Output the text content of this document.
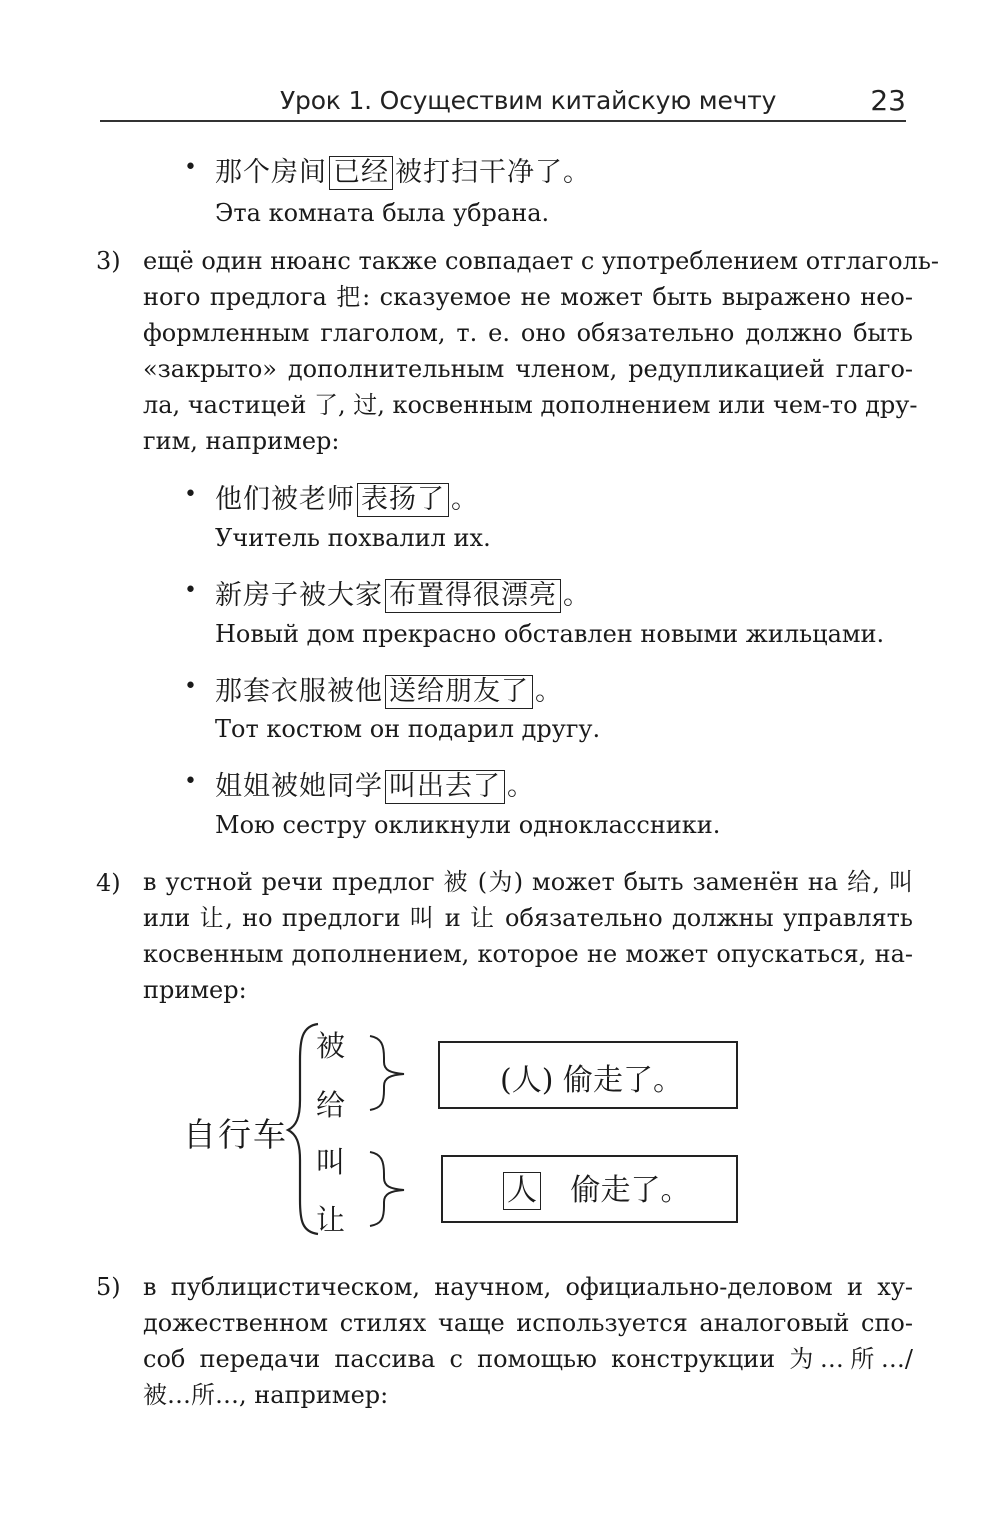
Урок 1. Осуществим китайскую мечту	23
• 那个房间 已经 被打扫干净了。
Эта комната была убрана.
3) ещё один нюанс также совпадает с употреблением отглаголь-
ного предлога 把: сказуемое не может быть выражено нео-
формленным глаголом, т. е. оно обязательно должно быть
«закрыто» дополнительным членом, редупликацией глаго-
ла, частицей 了, 过, косвенным дополнением или чем-то дру-
гим, например:
• 他们被老师 表扬了 。
Учитель похвалил их.
• 新房子被大家 布置得很漂亮 。
Новый дом прекрасно обставлен новыми жильцами.
• 那套衣服被他 送给朋友了 。
Тот костюм он подарил другу.
• 姐姐被她同学 叫出去了 。
Мою сестру окликнули одноклассники.
4) в устной речи предлог 被 (为) может быть заменён на 给, 叫
или 让, но предлоги 叫 и 让 обязательно должны управлять
косвенным дополнением, которое не может опускаться, на-
пример:
自行车
被
给
叫
让
(人) 偷走了。
人 偷走了。
5) в публицистическом, научном, официально-деловом и ху-
дожественном стилях чаще используется аналоговый спо-
соб передачи пассива с помощью конструкции 为…所…/
被…所…, например:
